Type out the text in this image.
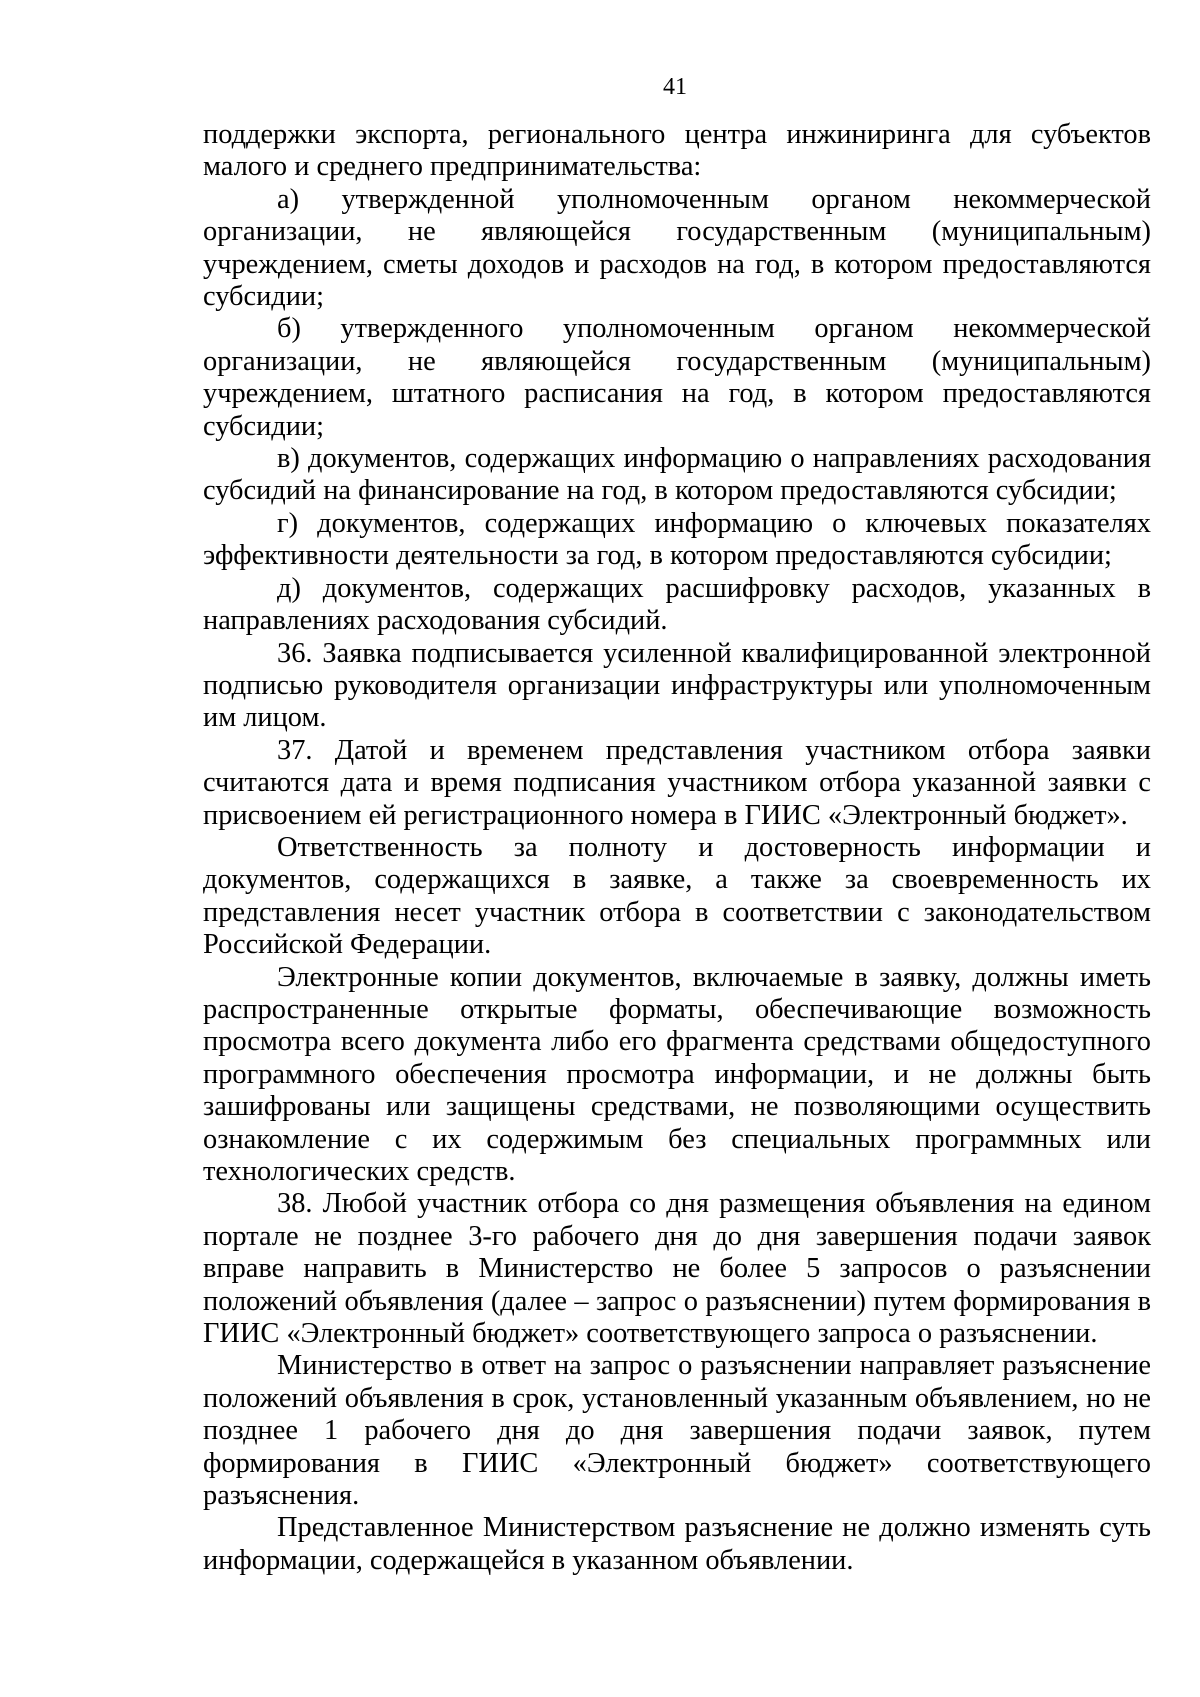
41

поддержки экспорта, регионального центра инжиниринга для субъектов малого и среднего предпринимательства:

а) утвержденной уполномоченным органом некоммерческой организации, не являющейся государственным (муниципальным) учреждением, сметы доходов и расходов на год, в котором предоставляются субсидии;

б) утвержденного уполномоченным органом некоммерческой организации, не являющейся государственным (муниципальным) учреждением, штатного расписания на год, в котором предоставляются субсидии;

в) документов, содержащих информацию о направлениях расходования субсидий на финансирование на год, в котором предоставляются субсидии;

г) документов, содержащих информацию о ключевых показателях эффективности деятельности за год, в котором предоставляются субсидии;

д) документов, содержащих расшифровку расходов, указанных в направлениях расходования субсидий.

36. Заявка подписывается усиленной квалифицированной электронной подписью руководителя организации инфраструктуры или уполномоченным им лицом.

37. Датой и временем представления участником отбора заявки считаются дата и время подписания участником отбора указанной заявки с присвоением ей регистрационного номера в ГИИС «Электронный бюджет».

Ответственность за полноту и достоверность информации и документов, содержащихся в заявке, а также за своевременность их представления несет участник отбора в соответствии с законодательством Российской Федерации.

Электронные копии документов, включаемые в заявку, должны иметь распространенные открытые форматы, обеспечивающие возможность просмотра всего документа либо его фрагмента средствами общедоступного программного обеспечения просмотра информации, и не должны быть зашифрованы или защищены средствами, не позволяющими осуществить ознакомление с их содержимым без специальных программных или технологических средств.

38. Любой участник отбора со дня размещения объявления на едином портале не позднее 3-го рабочего дня до дня завершения подачи заявок вправе направить в Министерство не более 5 запросов о разъяснении положений объявления (далее – запрос о разъяснении) путем формирования в ГИИС «Электронный бюджет» соответствующего запроса о разъяснении.

Министерство в ответ на запрос о разъяснении направляет разъяснение положений объявления в срок, установленный указанным объявлением, но не позднее 1 рабочего дня до дня завершения подачи заявок, путем формирования в ГИИС «Электронный бюджет» соответствующего разъяснения.

Представленное Министерством разъяснение не должно изменять суть информации, содержащейся в указанном объявлении.
